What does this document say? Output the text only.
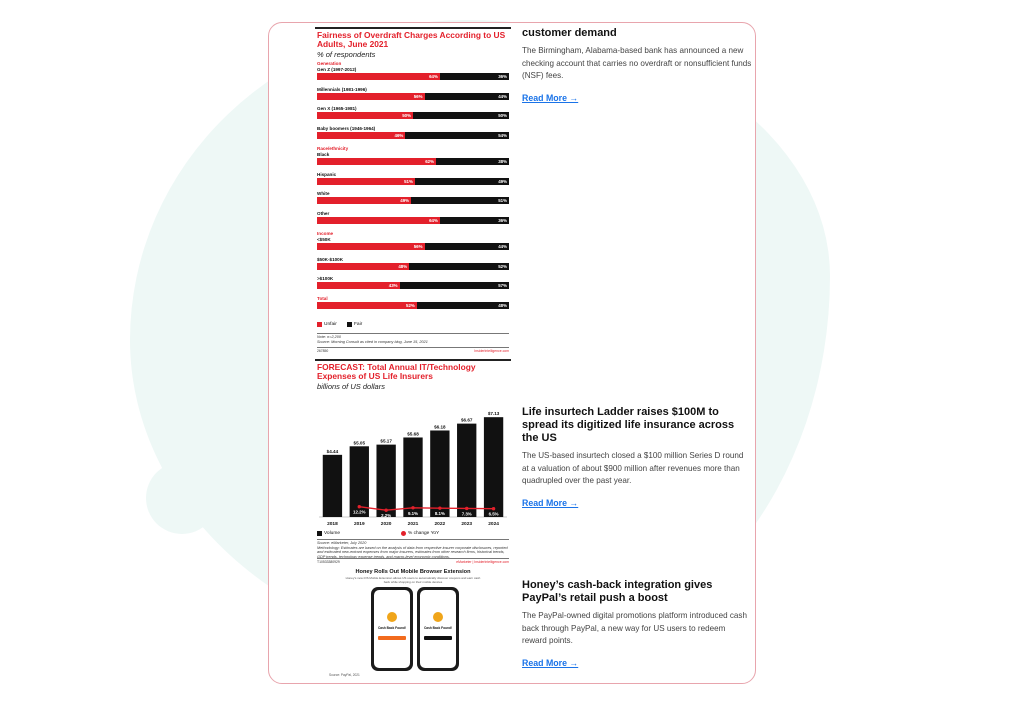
Fairness of Overdraft Charges According to US Adults, June 2021
% of respondents
Generation
Gen Z (1997-2012)
64%	36%
Millennials (1981-1996)
56%	44%
Gen X (1965-1981)
50%	50%
Baby boomers (1946-1964)
46%	54%
Race/ethnicity
Black
62%	38%
Hispanic
51%	49%
White
49%	51%
Other
64%	36%
Income
<$50K
56%	44%
$50K-$100K
48%	52%
>$100K
43%	57%
Total
52%	48%
Unfair	Fair
Note: n=2,200
Source: Morning Consult as cited in company blog, June 15, 2021
267850	InsiderIntelligence.com
FORECAST: Total Annual IT/Technology Expenses of US Life Insurers
billions of US dollars
$4.44
2018
$5.05
2019
$5.17
2020
$5.68
2021
$6.18
2022
$6.67
2023
$7.13
2024
12.2%
2.2%	9.1%	8.1%	7.3%	6.5%
Volume	% change YoY
Source: eMarketer, July 2020
Methodology: Estimates are based on the analysis of data from respective insurer corporate disclosures, reported and estimated new-entrant expenses from major insurers, estimates from other research firms, historical trends, GDP trends, technology expense trends, and macro-level economic conditions.
T10533380929	eMarketer | InsiderIntelligence.com
Honey Rolls Out Mobile Browser Extension
Honey's new iOS Mobile Extension allows US users to automatically discover coupons and earn cash back while shopping on their mobile devices
Cash Back Found!	Cash Back Found!
Source: PayPal, 2021
customer demand
The Birmingham, Alabama-based bank has announced a new checking account that carries no overdraft or nonsufficient funds (NSF) fees.
Read More →
Life insurtech Ladder raises $100M to spread its digitized life insurance across the US
The US-based insurtech closed a $100 million Series D round at a valuation of about $900 million after revenues more than quadrupled over the past year.
Read More →
Honey’s cash-back integration gives PayPal’s retail push a boost
The PayPal-owned digital promotions platform introduced cash back through PayPal, a new way for US users to redeem reward points.
Read More →
